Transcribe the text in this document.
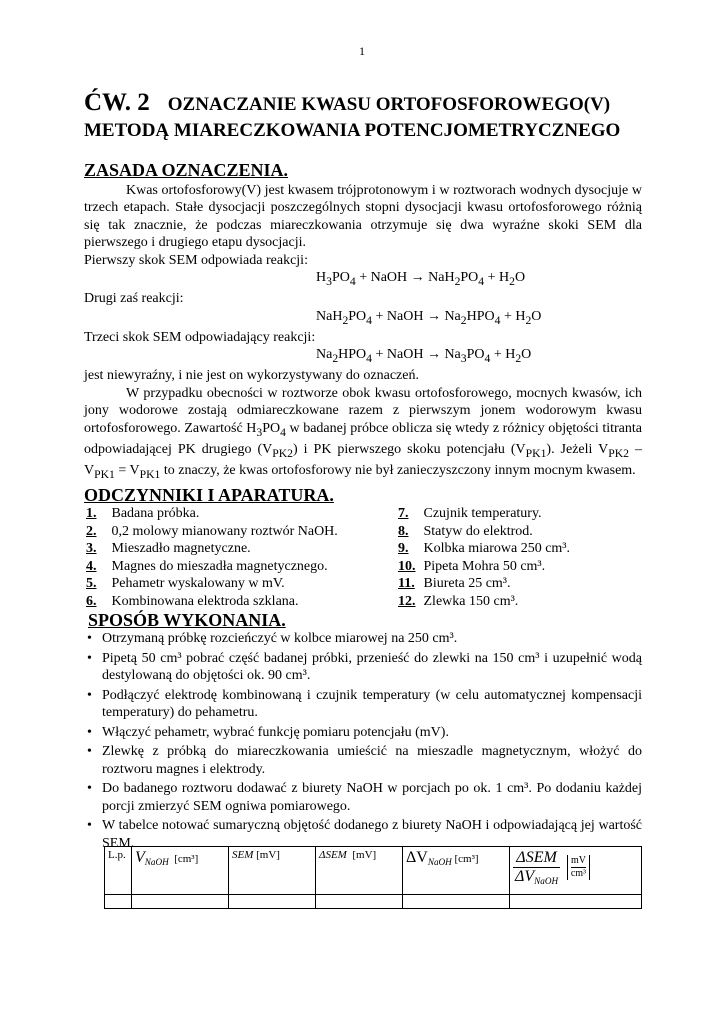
1
ĆW. 2 OZNACZANIE KWASU ORTOFOSFOROWEGO(V)
METODĄ MIARECZKOWANIA POTENCJOMETRYCZNEGO
ZASADA OZNACZENIA.
Kwas ortofosforowy(V) jest kwasem trójprotonowym i w roztworach wodnych dysocjuje w trzech etapach. Stałe dysocjacji poszczególnych stopni dysocjacji kwasu ortofosforowego różnią się tak znacznie, że podczas miareczkowania otrzymuje się dwa wyraźne skoki SEM dla pierwszego i drugiego etapu dysocjacji.
Pierwszy skok SEM odpowiada reakcji:
$H_3PO_4$ + NaOH → $NaH_2PO_4 + H_2O$
Drugi zaś reakcji:
$NaH_2PO_4$ + NaOH → $Na_2HPO_4 + H_2O$
Trzeci skok SEM odpowiadający reakcji:
$Na_2HPO_4$ + NaOH → $Na_3PO_4 + H_2O$
jest niewyraźny, i nie jest on wykorzystywany do oznaczeń.
W przypadku obecności w roztworze obok kwasu ortofosforowego, mocnych kwasów, ich jony wodorowe zostają odmiareczkowane razem z pierwszym jonem wodorowym kwasu ortofosforowego. Zawartość $H_3PO_4$ w badanej próbce oblicza się wtedy z różnicy objętości titranta odpowiadającej PK drugiego $(V_{PK2})$ i PK pierwszego skoku potencjału $(V_{PK1})$. Jeżeli $V_{PK2} - V_{PK1} = V_{PK1}$ to znaczy, że kwas ortofosforowy nie był zanieczyszczony innym mocnym kwasem.
ODCZYNNIKI I APARATURA.
1. Badana próbka.
2. 0,2 molowy mianowany roztwór NaOH.
3. Mieszadło magnetyczne.
4. Magnes do mieszadła magnetycznego.
5. Pehametr wyskalowany w mV.
6. Kombinowana elektroda szklana.
7. Czujnik temperatury.
8. Statyw do elektrod.
9. Kolbka miarowa 250 cm³.
10. Pipeta Mohra 50 cm³.
11. Biureta 25 cm³.
12. Zlewka 150 cm³.
SPOSÓB WYKONANIA.
• Otrzymaną próbkę rozcieńczyć w kolbce miarowej na 250 cm³.
• Pipetą 50 cm³ pobrać część badanej próbki, przenieść do zlewki na 150 cm³ i uzupełnić wodą destylowaną do objętości ok. 90 cm³.
• Podłączyć elektrodę kombinowaną i czujnik temperatury (w celu automatycznej kompensacji temperatury) do pehametru.
• Włączyć pehametr, wybrać funkcję pomiaru potencjału (mV).
• Zlewkę z próbką do miareczkowania umieścić na mieszadle magnetycznym, włożyć do roztworu magnes i elektrody.
• Do badanego roztworu dodawać z biurety NaOH w porcjach po ok. 1 cm³. Po dodaniu każdej porcji zmierzyć SEM ogniwa pomiarowego.
• W tabelce notować sumaryczną objętość dodanego z biurety NaOH i odpowiadającą jej wartość SEM.
L.p.	$V_{NaOH}$ [cm³]	SEM [mV]	ΔSEM [mV]	$\Delta V_{NaOH}$ [cm³]	$\frac{\text{ΔSEM}}{\Delta V_{NaOH}}$
$\frac{mV}{\text{cm³}}$
